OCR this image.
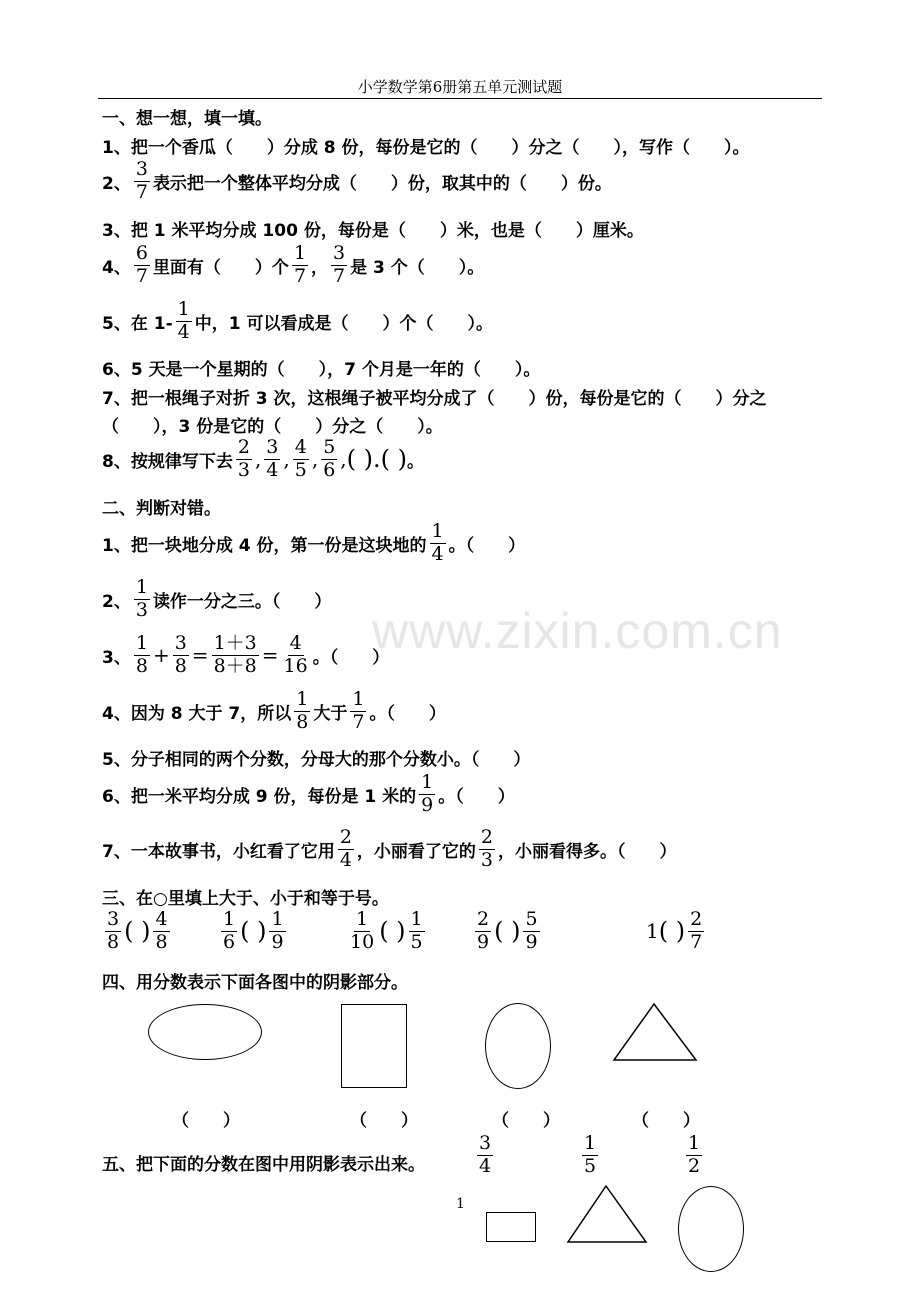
小学数学第6册第五单元测试题
www.zixin.com.cn
一、想一想，填一填。
1、把一个香瓜（　　）分成 8 份，每份是它的（　　）分之（　　），写作（　　）。
2、 $\frac{3}{7}$ 表示把一个整体平均分成（　　）份，取其中的（　　）份。
3、把 1 米平均分成 100 份，每份是（　　）米，也是（　　）厘米。
4、 $\frac{6}{7}$ 里面有（　　）个 $\frac{1}{7}$ ， $\frac{3}{7}$ 是 3 个（　　）。
5、在 $1- \frac{1}{4}$ 中，1 可以看成是（　　）个（　　）。
6、5 天是一个星期的（　　），7 个月是一年的（　　）。
7、把一根绳子对折 3 次，这根绳子被平均分成了（　　）份，每份是它的（　　）分之
（　　），3 份是它的（　　）分之（　　）。
8、按规律写下去 $\frac{2}{3}$ , $\frac{3}{4}$ , $\frac{4}{5}$ , $\frac{5}{6}$ , ( ).( ) 。
二、判断对错。
1、把一块地分成 4 份，第一份是这块地的 $\frac{1}{4}$ 。（　　）
2、 $\frac{1}{3}$ 读作一分之三。（　　）
3、 $\frac{1}{8} + \frac{3}{8} = \frac{1+3}{8+8} = \frac{4}{16}$ 。（　　）
4、因为 8 大于 7，所以 $\frac{1}{8}$ 大于 $\frac{1}{7}$ 。（　　）
5、分子相同的两个分数，分母大的那个分数小。（　　）
6、把一米平均分成 9 份，每份是 1 米的 $\frac{1}{9}$ 。（　　）
7、一本故事书，小红看了它用 $\frac{2}{4}$ ，小丽看了它的 $\frac{2}{3}$ ，小丽看得多。（　　）
三、在○里填上大于、小于和等于号。
$\frac{3}{8}$ ( ) $\frac{4}{8}$	$\frac{1}{6}$ ( ) $\frac{1}{9}$	$\frac{1}{10}$ ( ) $\frac{1}{5}$	$\frac{2}{9}$ ( ) $\frac{5}{9}$	1 ( ) $\frac{2}{7}$
四、用分数表示下面各图中的阴影部分。
（　　）	（　　）	（　　）	（　　）
五、把下面的分数在图中用阴影表示出来。	$\frac{3}{4}$	$\frac{1}{5}$	$\frac{1}{2}$
1
